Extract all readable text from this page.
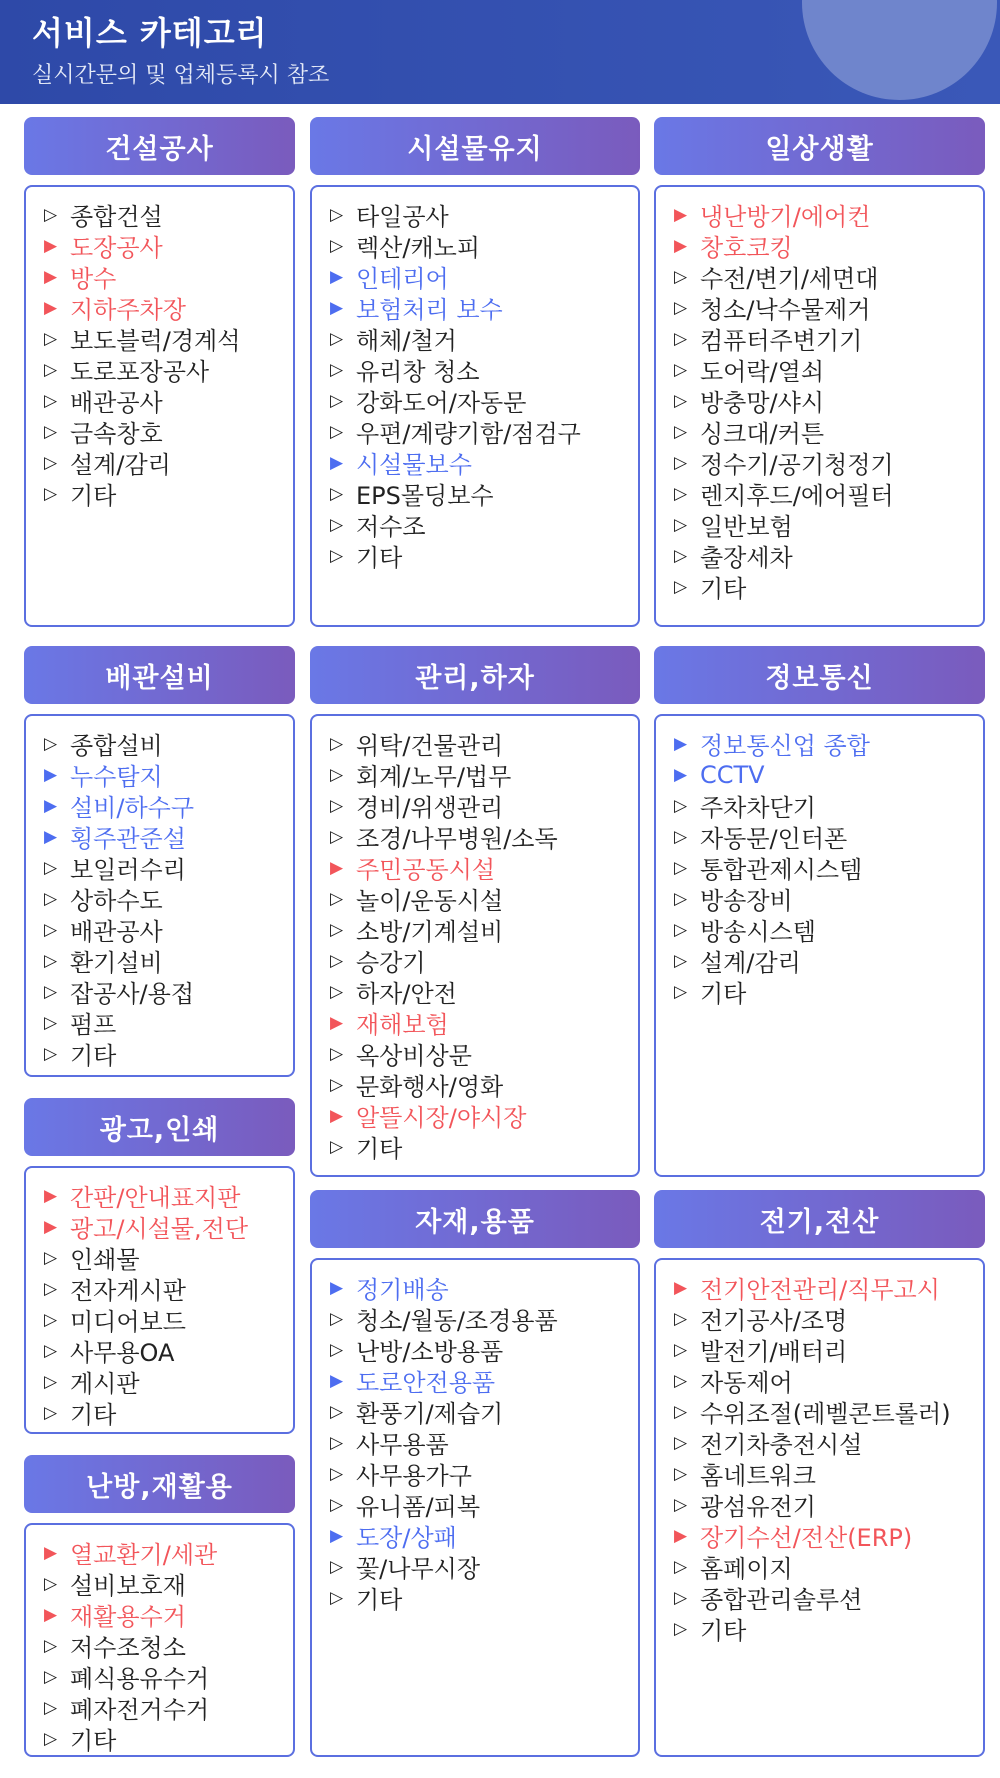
서비스 카테고리
실시간문의 및 업체등록시 참조
건설공사
▷ 종합건설
▶ 도장공사
▶ 방수
▶ 지하주차장
▷ 보도블럭/경계석
▷ 도로포장공사
▷ 배관공사
▷ 금속창호
▷ 설계/감리
▷ 기타
시설물유지
▷ 타일공사
▷ 렉산/캐노피
▶ 인테리어
▶ 보험처리 보수
▷ 해체/철거
▷ 유리창 청소
▷ 강화도어/자동문
▷ 우편/계량기함/점검구
▶ 시설물보수
▷ EPS몰딩보수
▷ 저수조
▷ 기타
일상생활
▶ 냉난방기/에어컨
▶ 창호코킹
▷ 수전/변기/세면대
▷ 청소/낙수물제거
▷ 컴퓨터주변기기
▷ 도어락/열쇠
▷ 방충망/샤시
▷ 싱크대/커튼
▷ 정수기/공기청정기
▷ 렌지후드/에어필터
▷ 일반보험
▷ 출장세차
▷ 기타
배관설비
▷ 종합설비
▶ 누수탐지
▶ 설비/하수구
▶ 횡주관준설
▷ 보일러수리
▷ 상하수도
▷ 배관공사
▷ 환기설비
▷ 잡공사/용접
▷ 펌프
▷ 기타
관리,하자
▷ 위탁/건물관리
▷ 회계/노무/법무
▷ 경비/위생관리
▷ 조경/나무병원/소독
▶ 주민공동시설
▷ 놀이/운동시설
▷ 소방/기계설비
▷ 승강기
▷ 하자/안전
▶ 재해보험
▷ 옥상비상문
▷ 문화행사/영화
▶ 알뜰시장/야시장
▷ 기타
정보통신
▶ 정보통신업 종합
▶ CCTV
▷ 주차차단기
▷ 자동문/인터폰
▷ 통합관제시스템
▷ 방송장비
▷ 방송시스템
▷ 설계/감리
▷ 기타
광고,인쇄
▶ 간판/안내표지판
▶ 광고/시설물,전단
▷ 인쇄물
▷ 전자게시판
▷ 미디어보드
▷ 사무용OA
▷ 게시판
▷ 기타
자재,용품
▶ 정기배송
▷ 청소/월동/조경용품
▷ 난방/소방용품
▶ 도로안전용품
▷ 환풍기/제습기
▷ 사무용품
▷ 사무용가구
▷ 유니폼/피복
▶ 도장/상패
▷ 꽃/나무시장
▷ 기타
전기,전산
▶ 전기안전관리/직무고시
▷ 전기공사/조명
▷ 발전기/배터리
▷ 자동제어
▷ 수위조절(레벨콘트롤러)
▷ 전기차충전시설
▷ 홈네트워크
▷ 광섬유전기
▶ 장기수선/전산(ERP)
▷ 홈페이지
▷ 종합관리솔루션
▷ 기타
난방,재활용
▶ 열교환기/세관
▷ 설비보호재
▶ 재활용수거
▷ 저수조청소
▷ 폐식용유수거
▷ 폐자전거수거
▷ 기타
